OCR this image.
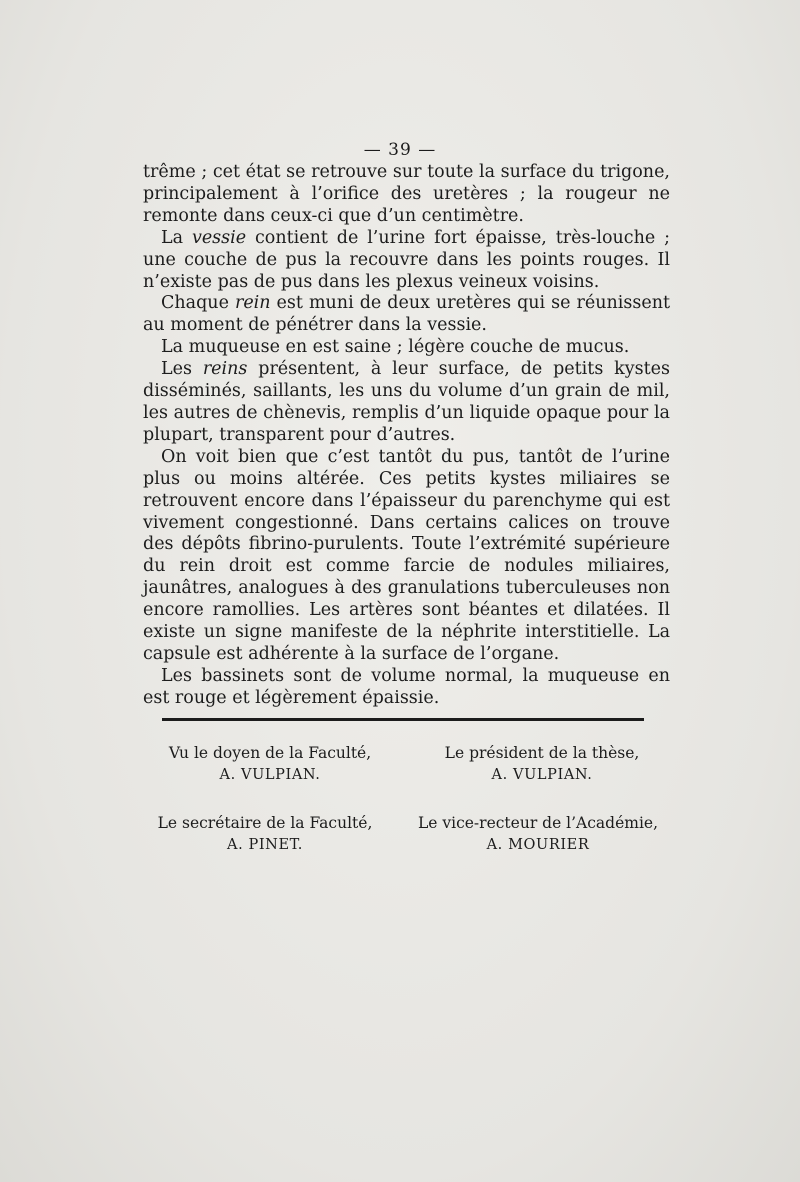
— 39 —

trême ; cet état se retrouve sur toute la surface du trigone, principalement à l’orifice des uretères ; la rougeur ne remonte dans ceux-ci que d’un centimètre.

La vessie contient de l’urine fort épaisse, très-louche ; une couche de pus la recouvre dans les points rouges. Il n’existe pas de pus dans les plexus veineux voisins.

Chaque rein est muni de deux uretères qui se réunissent au moment de pénétrer dans la vessie.

La muqueuse en est saine ; légère couche de mucus.

Les reins présentent, à leur surface, de petits kystes disséminés, saillants, les uns du volume d’un grain de mil, les autres de chènevis, remplis d’un liquide opaque pour la plupart, transparent pour d’autres.

On voit bien que c’est tantôt du pus, tantôt de l’urine plus ou moins altérée. Ces petits kystes miliaires se retrouvent encore dans l’épaisseur du parenchyme qui est vivement congestionné. Dans certains calices on trouve des dépôts fibrino-purulents. Toute l’extrémité supérieure du rein droit est comme farcie de nodules miliaires, jaunâtres, analogues à des granulations tuberculeuses non encore ramollies. Les artères sont béantes et dilatées. Il existe un signe manifeste de la néphrite interstitielle. La capsule est adhérente à la surface de l’organe.

Les bassinets sont de volume normal, la muqueuse en est rouge et légèrement épaissie.

Vu le doyen de la Faculté,
A. VULPIAN.
Le président de la thèse,
A. VULPIAN.
Le secrétaire de la Faculté,
A. PINET.
Le vice-recteur de l’Académie,
A. MOURIER
